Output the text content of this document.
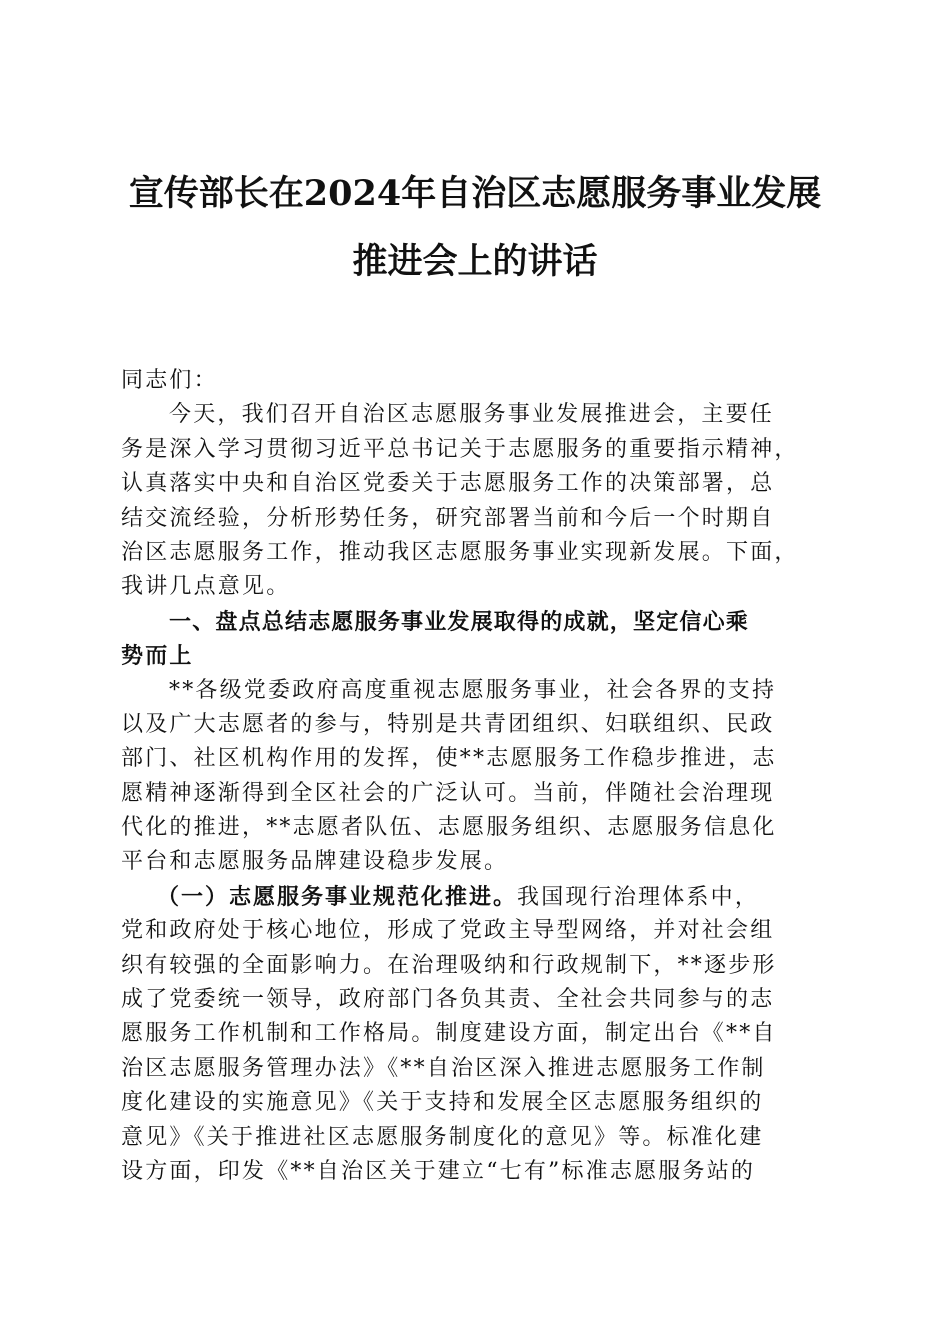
宣传部长在2024年自治区志愿服务事业发展
推进会上的讲话
同志们：
今天，我们召开自治区志愿服务事业发展推进会，主要任
务是深入学习贯彻习近平总书记关于志愿服务的重要指示精神，
认真落实中央和自治区党委关于志愿服务工作的决策部署，总
结交流经验，分析形势任务，研究部署当前和今后一个时期自
治区志愿服务工作，推动我区志愿服务事业实现新发展。下面，
我讲几点意见。
一、盘点总结志愿服务事业发展取得的成就，坚定信心乘
势而上
**各级党委政府高度重视志愿服务事业，社会各界的支持
以及广大志愿者的参与，特别是共青团组织、妇联组织、民政
部门、社区机构作用的发挥，使**志愿服务工作稳步推进，志
愿精神逐渐得到全区社会的广泛认可。当前，伴随社会治理现
代化的推进，**志愿者队伍、志愿服务组织、志愿服务信息化
平台和志愿服务品牌建设稳步发展。
（一）志愿服务事业规范化推进。我国现行治理体系中，
党和政府处于核心地位，形成了党政主导型网络，并对社会组
织有较强的全面影响力。在治理吸纳和行政规制下，**逐步形
成了党委统一领导，政府部门各负其责、全社会共同参与的志
愿服务工作机制和工作格局。制度建设方面，制定出台《**自
治区志愿服务管理办法》《**自治区深入推进志愿服务工作制
度化建设的实施意见》《关于支持和发展全区志愿服务组织的
意见》《关于推进社区志愿服务制度化的意见》等。标准化建
设方面，印发《**自治区关于建立“七有”标准志愿服务站的
